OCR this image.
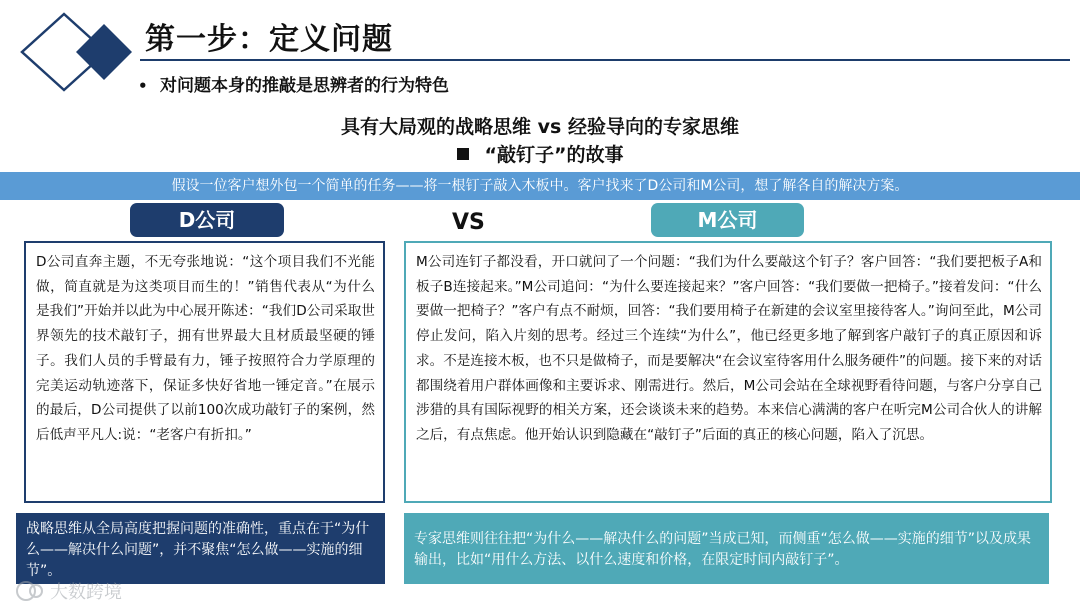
第一步：定义问题
• 对问题本身的推敲是思辨者的行为特色
具有大局观的战略思维 vs 经验导向的专家思维
“敲钉子”的故事
假设一位客户想外包一个简单的任务——将一根钉子敲入木板中。客户找来了D公司和M公司，想了解各自的解决方案。
D公司	VS	M公司
D公司直奔主题，不无夸张地说：“这个项目我们不光能做，简直就是为这类项目而生的！”销售代表从“为什么是我们”开始并以此为中心展开陈述：“我们D公司采取世界领先的技术敲钉子，拥有世界最大且材质最坚硬的锤子。我们人员的手臂最有力，锤子按照符合力学原理的完美运动轨迹落下，保证多快好省地一锤定音。”在展示的最后，D公司提供了以前100次成功敲钉子的案例，然后低声平凡人:说：“老客户有折扣。”
M公司连钉子都没看，开口就问了一个问题：“我们为什么要敲这个钉子？客户回答：“我们要把板子A和板子B连接起来。”M公司追问：“为什么要连接起来？”客户回答：“我们要做一把椅子。”接着发问：“什么要做一把椅子？”客户有点不耐烦，回答：“我们要用椅子在新建的会议室里接待客人。”询问至此，M公司停止发问，陷入片刻的思考。经过三个连续“为什么”，他已经更多地了解到客户敲钉子的真正原因和诉求。不是连接木板，也不只是做椅子，而是要解决“在会议室待客用什么服务硬件”的问题。接下来的对话都围绕着用户群体画像和主要诉求、刚需进行。然后，M公司会站在全球视野看待问题，与客户分享自己涉猎的具有国际视野的相关方案，还会谈谈未来的趋势。本来信心满满的客户在听完M公司合伙人的讲解之后，有点焦虑。他开始认识到隐藏在“敲钉子”后面的真正的核心问题，陷入了沉思。
战略思维从全局高度把握问题的准确性，重点在于“为什么——解决什么问题”，并不聚焦“怎么做——实施的细节”。
专家思维则往往把“为什么——解决什么的问题”当成已知，而侧重“怎么做——实施的细节”以及成果输出，比如“用什么方法、以什么速度和价格，在限定时间内敲钉子”。
大数跨境
